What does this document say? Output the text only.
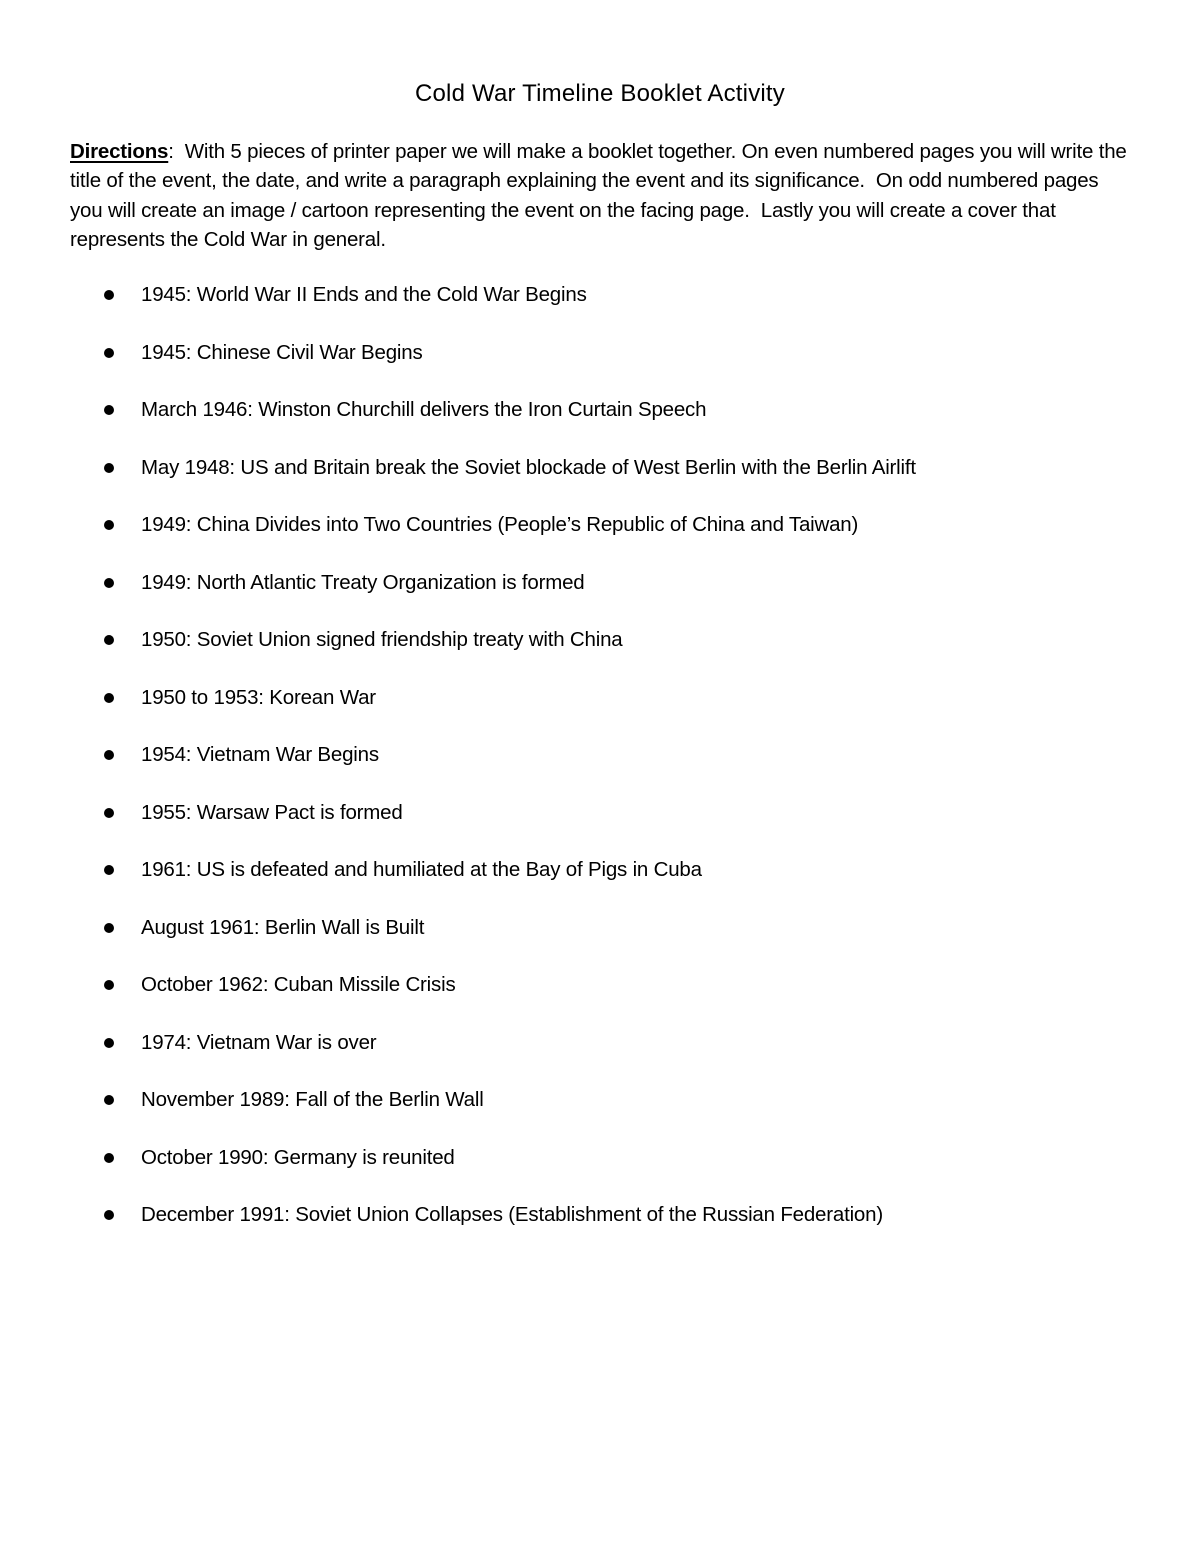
Cold War Timeline Booklet Activity
Directions:  With 5 pieces of printer paper we will make a booklet together. On even numbered pages you will write the title of the event, the date, and write a paragraph explaining the event and its significance.  On odd numbered pages you will create an image / cartoon representing the event on the facing page.  Lastly you will create a cover that represents the Cold War in general.
1945: World War II Ends and the Cold War Begins
1945: Chinese Civil War Begins
March 1946: Winston Churchill delivers the Iron Curtain Speech
May 1948: US and Britain break the Soviet blockade of West Berlin with the Berlin Airlift
1949: China Divides into Two Countries (People’s Republic of China and Taiwan)
1949: North Atlantic Treaty Organization is formed
1950: Soviet Union signed friendship treaty with China
1950 to 1953: Korean War
1954: Vietnam War Begins
1955: Warsaw Pact is formed
1961: US is defeated and humiliated at the Bay of Pigs in Cuba
August 1961: Berlin Wall is Built
October 1962: Cuban Missile Crisis
1974: Vietnam War is over
November 1989: Fall of the Berlin Wall
October 1990: Germany is reunited
December 1991: Soviet Union Collapses (Establishment of the Russian Federation)
